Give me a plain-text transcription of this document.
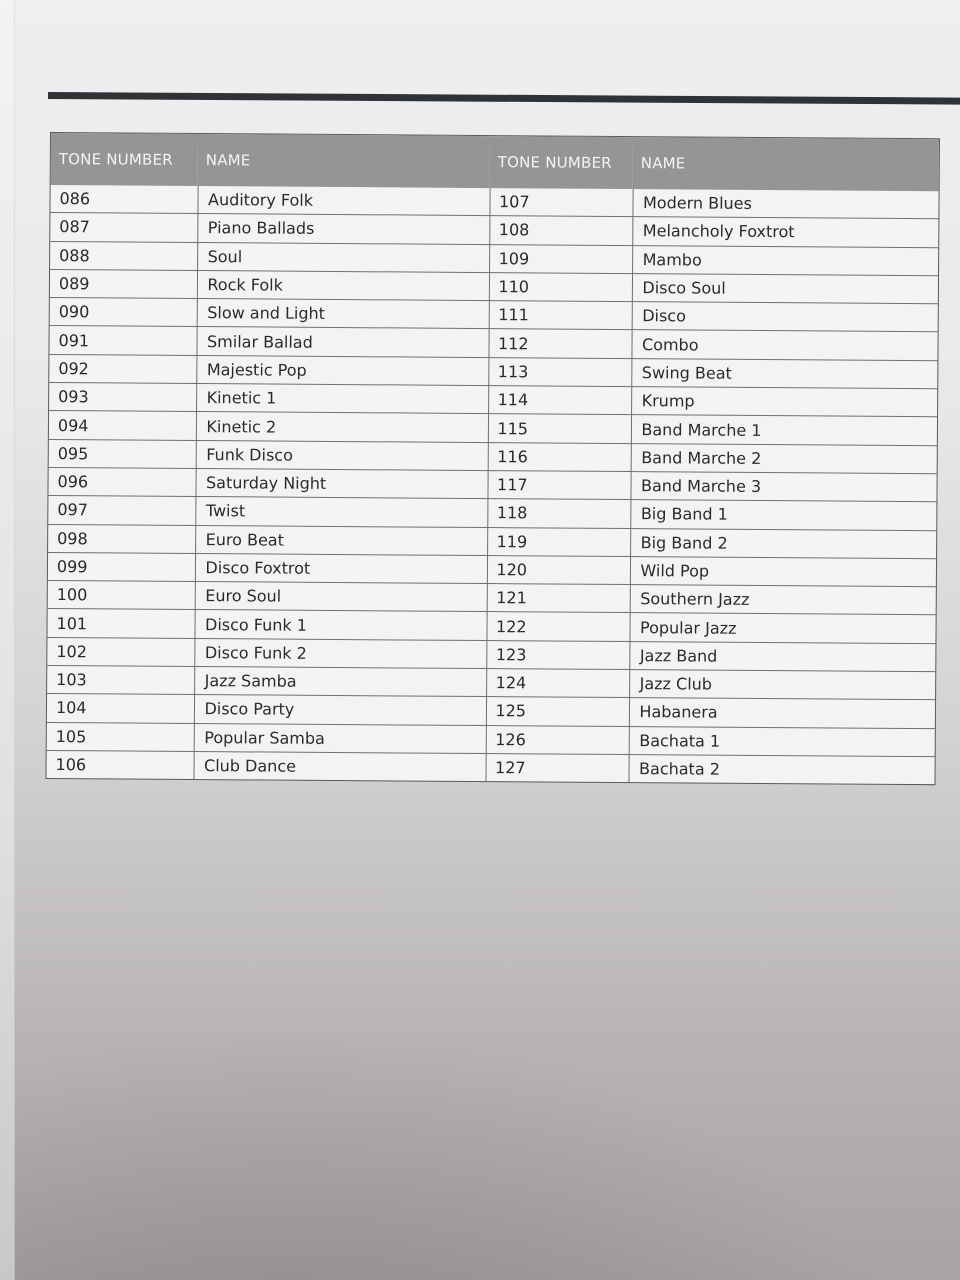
TONE NUMBER	NAME	TONE NUMBER	NAME
086	Auditory Folk	107	Modern Blues
087	Piano Ballads	108	Melancholy Foxtrot
088	Soul	109	Mambo
089	Rock Folk	110	Disco Soul
090	Slow and Light	111	Disco
091	Smilar Ballad	112	Combo
092	Majestic Pop	113	Swing Beat
093	Kinetic 1	114	Krump
094	Kinetic 2	115	Band Marche 1
095	Funk Disco	116	Band Marche 2
096	Saturday Night	117	Band Marche 3
097	Twist	118	Big Band 1
098	Euro Beat	119	Big Band 2
099	Disco Foxtrot	120	Wild Pop
100	Euro Soul	121	Southern Jazz
101	Disco Funk 1	122	Popular Jazz
102	Disco Funk 2	123	Jazz Band
103	Jazz Samba	124	Jazz Club
104	Disco Party	125	Habanera
105	Popular Samba	126	Bachata 1
106	Club Dance	127	Bachata 2
